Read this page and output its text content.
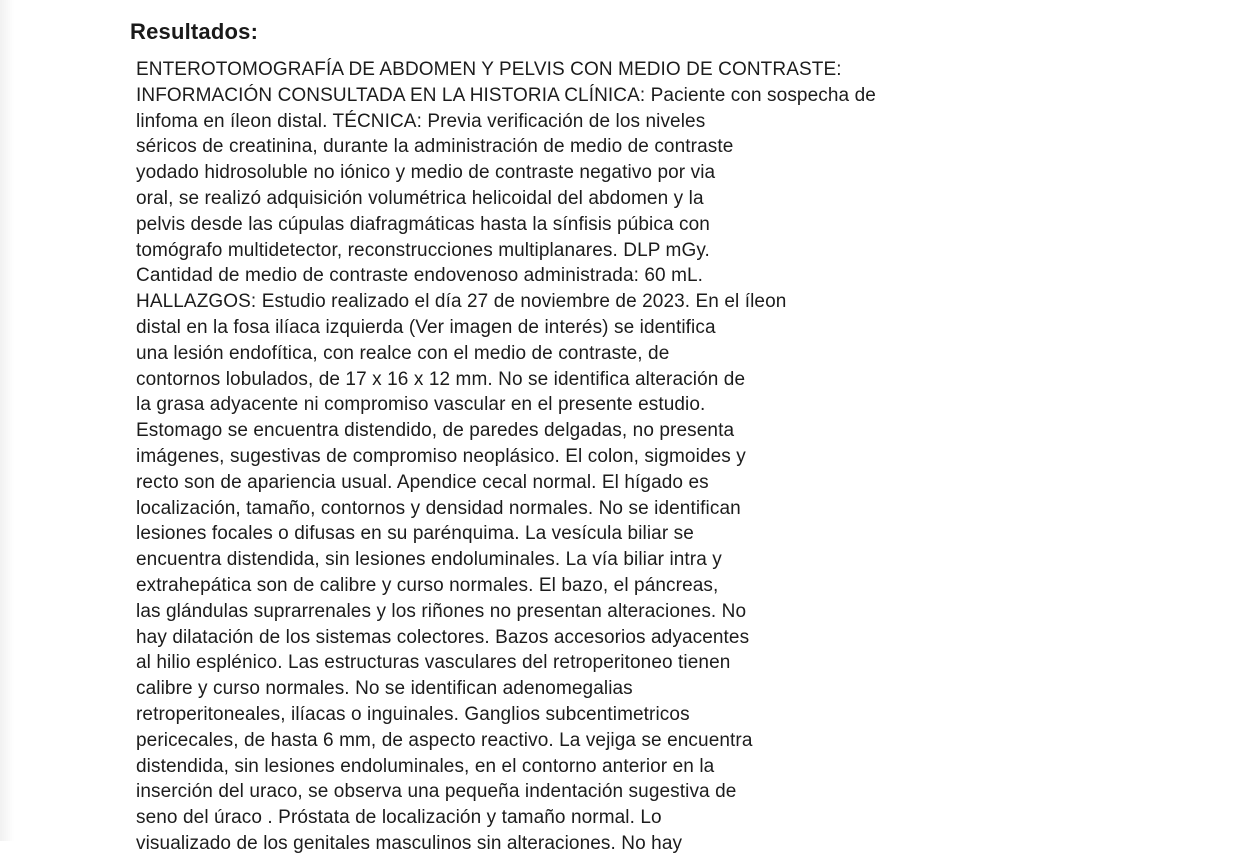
Resultados:
ENTEROTOMOGRAFÍA DE ABDOMEN Y PELVIS CON MEDIO DE CONTRASTE:
INFORMACIÓN CONSULTADA EN LA HISTORIA CLÍNICA: Paciente con sospecha de
linfoma en íleon distal. TÉCNICA: Previa verificación de los niveles
séricos de creatinina, durante la administración de medio de contraste
yodado hidrosoluble no iónico y medio de contraste negativo por via
oral, se realizó adquisición volumétrica helicoidal del abdomen y la
pelvis desde las cúpulas diafragmáticas hasta la sínfisis púbica con
tomógrafo multidetector, reconstrucciones multiplanares. DLP mGy.
Cantidad de medio de contraste endovenoso administrada: 60 mL.
HALLAZGOS: Estudio realizado el día 27 de noviembre de 2023. En el íleon
distal en la fosa ilíaca izquierda (Ver imagen de interés) se identifica
una lesión endofítica, con realce con el medio de contraste, de
contornos lobulados, de 17 x 16 x 12 mm. No se identifica alteración de
la grasa adyacente ni compromiso vascular en el presente estudio.
Estomago se encuentra distendido, de paredes delgadas, no presenta
imágenes, sugestivas de compromiso neoplásico. El colon, sigmoides y
recto son de apariencia usual. Apendice cecal normal. El hígado es
localización, tamaño, contornos y densidad normales. No se identifican
lesiones focales o difusas en su parénquima. La vesícula biliar se
encuentra distendida, sin lesiones endoluminales. La vía biliar intra y
extrahepática son de calibre y curso normales. El bazo, el páncreas,
las glándulas suprarrenales y los riñones no presentan alteraciones. No
hay dilatación de los sistemas colectores. Bazos accesorios adyacentes
al hilio esplénico. Las estructuras vasculares del retroperitoneo tienen
calibre y curso normales. No se identifican adenomegalias
retroperitoneales, ilíacas o inguinales. Ganglios subcentimetricos
pericecales, de hasta 6 mm, de aspecto reactivo. La vejiga se encuentra
distendida, sin lesiones endoluminales, en el contorno anterior en la
inserción del uraco, se observa una pequeña indentación sugestiva de
seno del úraco . Próstata de localización y tamaño normal. Lo
visualizado de los genitales masculinos sin alteraciones. No hay
